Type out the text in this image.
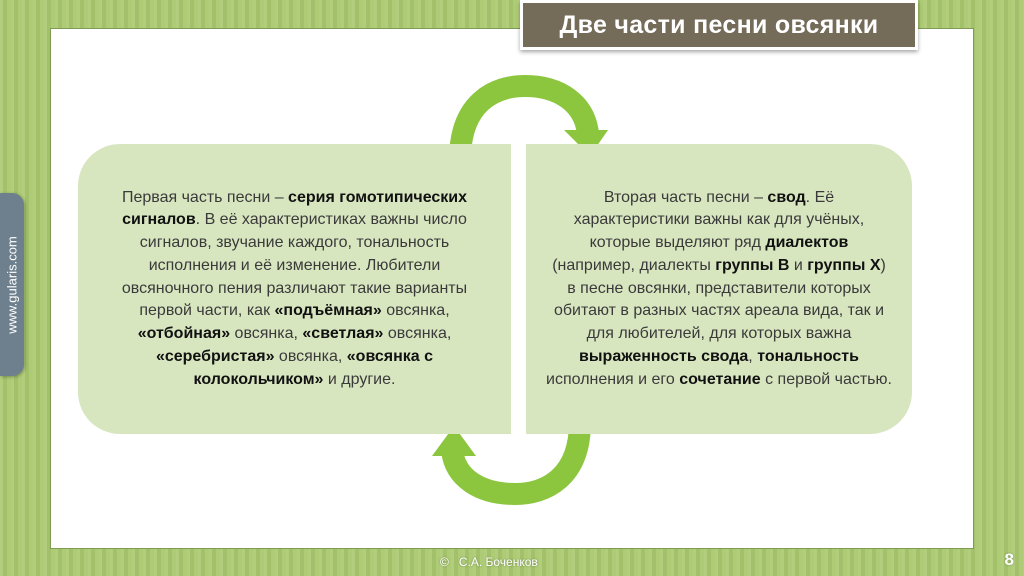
Две части песни овсянки
www.gularis.com

Первая часть песни – серия гомотипических сигналов. В её характеристиках важны число сигналов, звучание каждого, тональность исполнения и её изменение. Любители овсяночного пения различают такие варианты первой части, как «подъёмная» овсянка, «отбойная» овсянка, «светлая» овсянка, «серебристая» овсянка, «овсянка с колокольчиком» и другие.

Вторая часть песни – свод. Её характеристики важны как для учёных, которые выделяют ряд диалектов (например, диалекты группы В и группы Х) в песне овсянки, представители которых обитают в разных частях ареала вида, так и для любителей, для которых важна выраженность свода, тональность исполнения и его сочетание с первой частью.

© С.А. Боченков	8
